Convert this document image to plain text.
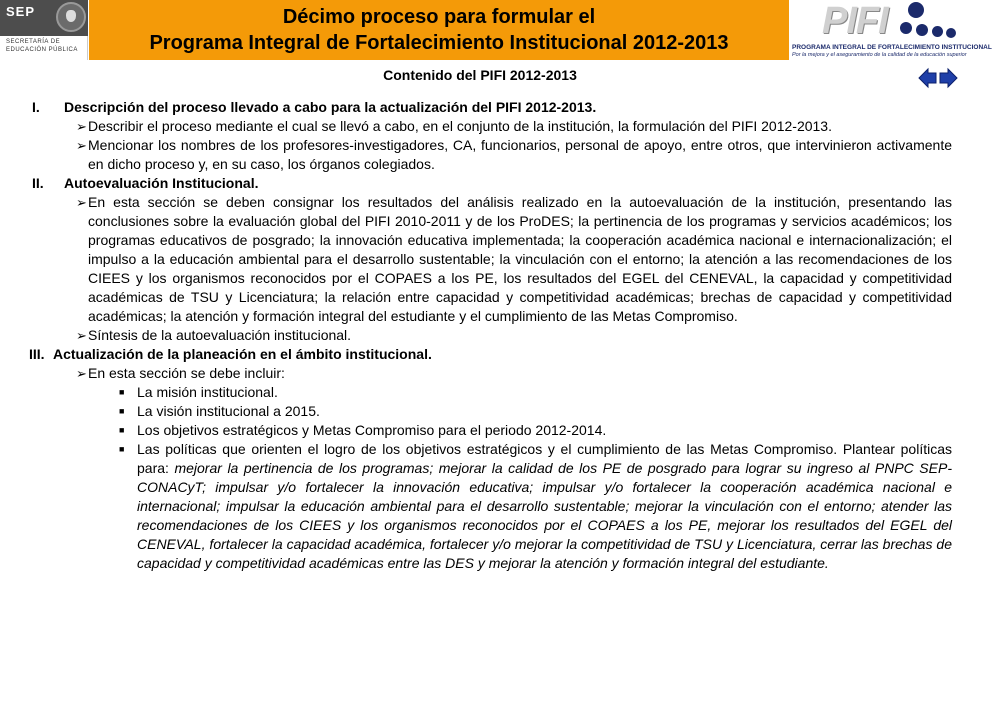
SEP
SECRETARÍA DE
EDUCACIÓN PÚBLICA
Décimo proceso para formular el
Programa Integral de Fortalecimiento Institucional 2012-2013
PIFI
PROGRAMA INTEGRAL DE FORTALECIMIENTO INSTITUCIONAL
Por la mejora y el aseguramiento de la calidad de la educación superior
Contenido del PIFI 2012-2013
I.	Descripción del proceso llevado a cabo para la actualización del PIFI 2012-2013.
➢ Describir el proceso mediante el cual se llevó a cabo, en el conjunto de la institución, la formulación del PIFI 2012-2013.
➢ Mencionar los nombres de los profesores-investigadores, CA, funcionarios, personal de apoyo, entre otros, que intervinieron activamente en dicho proceso y, en su caso, los órganos colegiados.
II.	Autoevaluación Institucional.
➢ En esta sección se deben consignar los resultados del análisis realizado en la autoevaluación de la institución, presentando las conclusiones sobre la evaluación global del PIFI 2010-2011 y de los ProDES; la pertinencia de los programas y servicios académicos; los programas educativos de posgrado; la innovación educativa implementada; la cooperación académica nacional e internacionalización; el impulso a la educación ambiental para el desarrollo sustentable; la vinculación con el entorno; la atención a las recomendaciones de los CIEES y los organismos reconocidos por el COPAES a los PE, los resultados del EGEL del CENEVAL, la capacidad y competitividad académicas de TSU y Licenciatura; la relación entre capacidad y competitividad académicas; brechas de capacidad y competitividad académicas; la atención y formación integral del estudiante y el cumplimiento de las Metas Compromiso.
➢ Síntesis de la autoevaluación institucional.
III. Actualización de la planeación en el ámbito institucional.
➢ En esta sección se debe incluir:
■ La misión institucional.
■ La visión institucional a 2015.
■ Los objetivos estratégicos y Metas Compromiso para el periodo 2012-2014.
■ Las políticas que orienten el logro de los objetivos estratégicos y el cumplimiento de las Metas Compromiso. Plantear políticas para: mejorar la pertinencia de los programas; mejorar la calidad de los PE de posgrado para lograr su ingreso al PNPC SEP-CONACyT; impulsar y/o fortalecer la innovación educativa; impulsar y/o fortalecer la cooperación académica nacional e internacional; impulsar la educación ambiental para el desarrollo sustentable; mejorar la vinculación con el entorno; atender las recomendaciones de los CIEES y los organismos reconocidos por el COPAES a los PE, mejorar los resultados del EGEL del CENEVAL, fortalecer la capacidad académica, fortalecer y/o mejorar la competitividad de TSU y Licenciatura, cerrar las brechas de capacidad y competitividad académicas entre las DES y mejorar la atención y formación integral del estudiante.
